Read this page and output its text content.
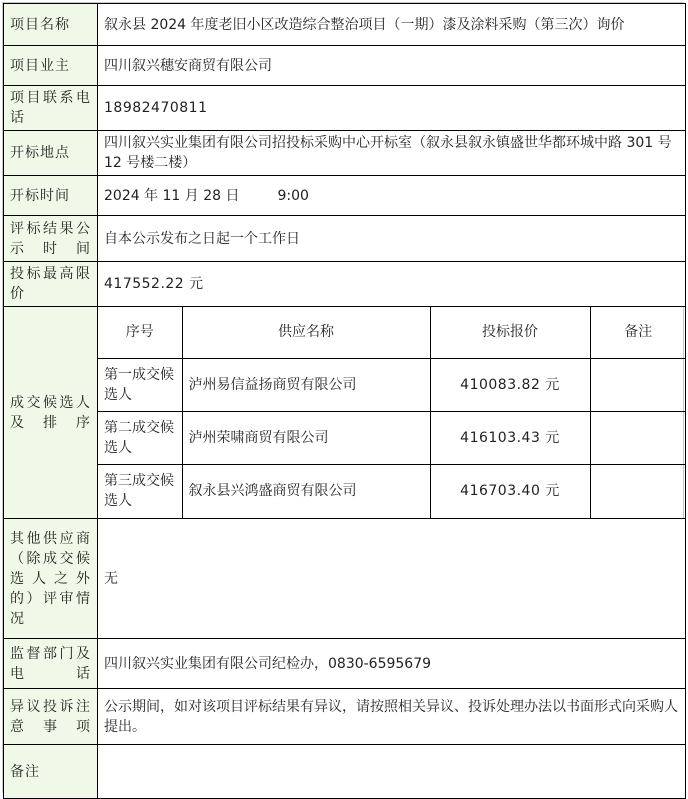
项目名称	叙永县 2024 年度老旧小区改造综合整治项目（一期）漆及涂料采购（第三次）询价
项目业主	四川叙兴穗安商贸有限公司
项目联系电话	18982470811
开标地点	四川叙兴实业集团有限公司招投标采购中心开标室（叙永县叙永镇盛世华都环城中路 301 号 12 号楼二楼）
开标时间	2024 年 11 月 28 日	9:00
评标结果公示时间	自本公示发布之日起一个工作日
投标最高限价	417552.22 元
成交候选人及排序	
序号	供应名称	投标报价	备注
第一成交候选人	泸州易信益扬商贸有限公司	410083.82 元	
第二成交候选人	泸州荣啸商贸有限公司	416103.43 元	
第三成交候选人	叙永县兴鸿盛商贸有限公司	416703.40 元	

其他供应商（除成交候选人之外的）评审情况	无
监督部门及电话	四川叙兴实业集团有限公司纪检办，0830-6595679
异议投诉注意事项	公示期间，如对该项目评标结果有异议，请按照相关异议、投诉处理办法以书面形式向采购人提出。
备注	
